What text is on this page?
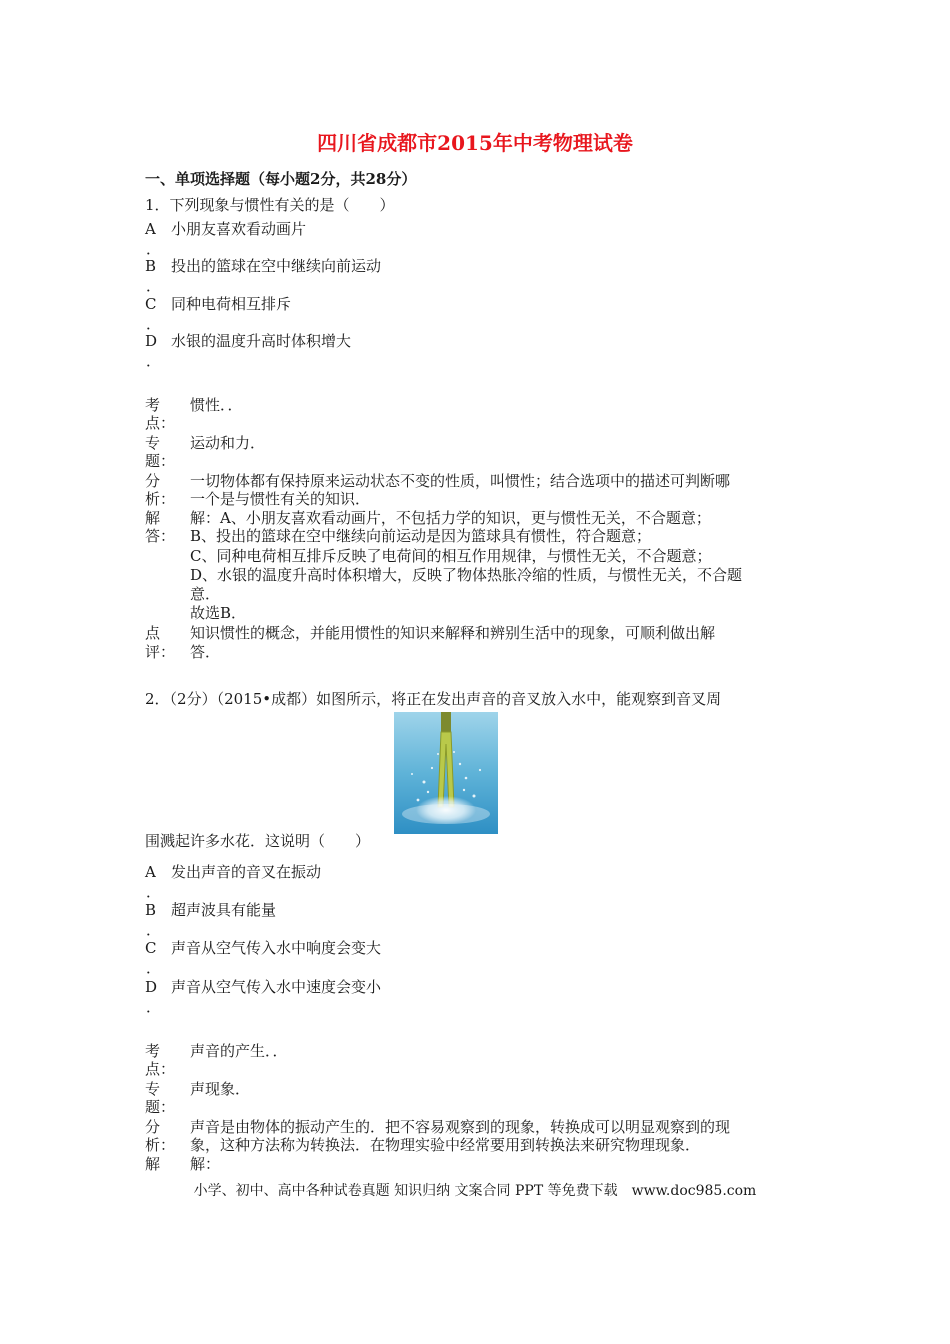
四川省成都市2015年中考物理试卷
一、单项选择题（每小题2分，共28分）
1．下列现象与惯性有关的是（　　）
A 小朋友喜欢看动画片
．
B 投出的篮球在空中继续向前运动
．
C 同种电荷相互排斥
．
D 水银的温度升高时体积增大
．
考
点：
惯性．．
专
题：
运动和力．
分
析：
一切物体都有保持原来运动状态不变的性质，叫惯性；结合选项中的描述可判断哪
一个是与惯性有关的知识．
解
答：
解：A、小朋友喜欢看动画片，不包括力学的知识，更与惯性无关，不合题意；
B、投出的篮球在空中继续向前运动是因为篮球具有惯性，符合题意；
C、同种电荷相互排斥反映了电荷间的相互作用规律，与惯性无关，不合题意；
D、水银的温度升高时体积增大，反映了物体热胀冷缩的性质，与惯性无关，不合题
意．
故选B．
点
评：
知识惯性的概念，并能用惯性的知识来解释和辨别生活中的现象，可顺利做出解
答．
2．（2分）（2015•成都）如图所示，将正在发出声音的音叉放入水中，能观察到音叉周
围溅起许多水花．这说明（　　）
A 发出声音的音叉在振动
．
B 超声波具有能量
．
C 声音从空气传入水中响度会变大
．
D 声音从空气传入水中速度会变小
．
考
点：
声音的产生．．
专
题：
声现象．
分
析：
声音是由物体的振动产生的．把不容易观察到的现象，转换成可以明显观察到的现
象，这种方法称为转换法．在物理实验中经常要用到转换法来研究物理现象．
解	解：
小学、初中、高中各种试卷真题 知识归纳 文案合同 PPT 等免费下载　www.doc985.com
